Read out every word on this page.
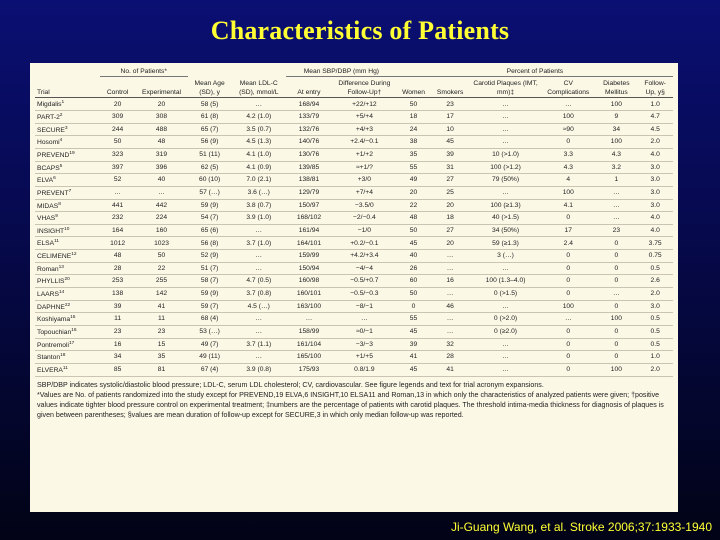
Characteristics of Patients
	No. of Patients*				Mean SBP/DBP (mm Hg)		Percent of Patients					
Trial	Control	Experimental	Mean Age (SD), y	Mean LDL-C (SD), mmol/L	At entry	Difference During Follow-Up†	Women	Smokers	Carotid Plaques (IMT, mm)‡	CV Complications	Diabetes Mellitus	Follow-Up, y§
Migdalis$^1$	20	20	58 (5)	…	168/94	+22/+12	50	23	…	…	100	1.0
PART-$2^2$	309	308	61 (8)	4.2 (1.0)	133/79	+5/+4	18	17	…	100	9	4.7
SECURE$^3$	244	488	65 (7)	3.5 (0.7)	132/76	+4/+3	24	10	…	≈90	34	4.5
Hosomi$^4$	50	48	56 (9)	4.5 (1.3)	140/76	+2.4/−0.1	38	45	…	0	100	2.0
PREVEND$^{19}$	323	319	51 (11)	4.1 (1.0)	130/76	+1/+2	35	39	10 (>1.0)	3.3	4.3	4.0
BCAPS$^5$	397	396	62 (5)	4.1 (0.9)	139/85	≈+1/?	55	31	100 (>1.2)	4.3	3.2	3.0
ELVA$^6$	52	40	60 (10)	7.0 (2.1)	138/81	+3/0	49	27	79 (50%)	4	1	3.0
PREVENT$^7$	…	…	57 (…)	3.6 (…)	129/79	+7/+4	20	25	…	100	…	3.0
MIDAS$^8$	441	442	59 (9)	3.8 (0.7)	150/97	−3.5/0	22	20	100 (≥1.3)	4.1	…	3.0
VHAS$^9$	232	224	54 (7)	3.9 (1.0)	168/102	−2/−0.4	48	18	40 (>1.5)	0	…	4.0
INSIGHT$^{10}$	164	160	65 (6)	…	161/94	−1/0	50	27	34 (50%)	17	23	4.0
ELSA$^{11}$	1012	1023	56 (8)	3.7 (1.0)	164/101	+0.2/−0.1	45	20	59 (≥1.3)	2.4	0	3.75
CELIMENE$^{12}$	48	50	52 (9)	…	159/99	+4.2/+3.4	40	…	3 (…)	0	0	0.75
Roman$^{13}$	28	22	51 (7)	…	150/94	−4/−4	26	…	…	0	0	0.5
PHYLLIS$^{20}$	253	255	58 (7)	4.7 (0.5)	160/98	−0.5/+0.7	60	16	100 (1.3–4.0)	0	0	2.6
LAARS$^{14}$	138	142	59 (9)	3.7 (0.8)	160/101	−0.5/−0.3	50	…	0 (>1.5)	0	…	2.0
DAPHNE$^{22}$	39	41	59 (7)	4.5 (…)	163/100	−8/−1	0	46	…	100	0	3.0
Koshiyama$^{15}$	11	11	68 (4)	…	…	…	55	…	0 (>2.0)	…	100	0.5
Topouchian$^{16}$	23	23	53 (…)	…	158/99	≈0/−1	45	…	0 (≥2.0)	0	0	0.5
Pontremoli$^{17}$	16	15	49 (7)	3.7 (1.1)	161/104	−3/−3	39	32	…	0	0	0.5
Stanton$^{18}$	34	35	49 (11)	…	165/100	+1/+5	41	28	…	0	0	1.0
ELVERA$^{11}$	85	81	67 (4)	3.9 (0.8)	175/93	0.8/1.9	45	41	…	0	100	2.0

SBP/DBP indicates systolic/diastolic blood pressure; LDL-C, serum LDL cholesterol; CV, cardiovascular. See figure legends and text for trial acronym expansions.

*Values are No. of patients randomized into the study except for PREVEND,19 ELVA,6 INSIGHT,10 ELSA11 and Roman,13 in which only the characteristics of analyzed patients were given; †positive values indicate tighter blood pressure control on experimental treatment; ‡numbers are the percentage of patients with carotid plaques. The threshold intima-media thickness for diagnosis of plaques is given between parentheses; §values are mean duration of follow-up except for SECURE,3 in which only median follow-up was reported.

Ji-Guang Wang, et al. Stroke 2006;37:1933-1940
